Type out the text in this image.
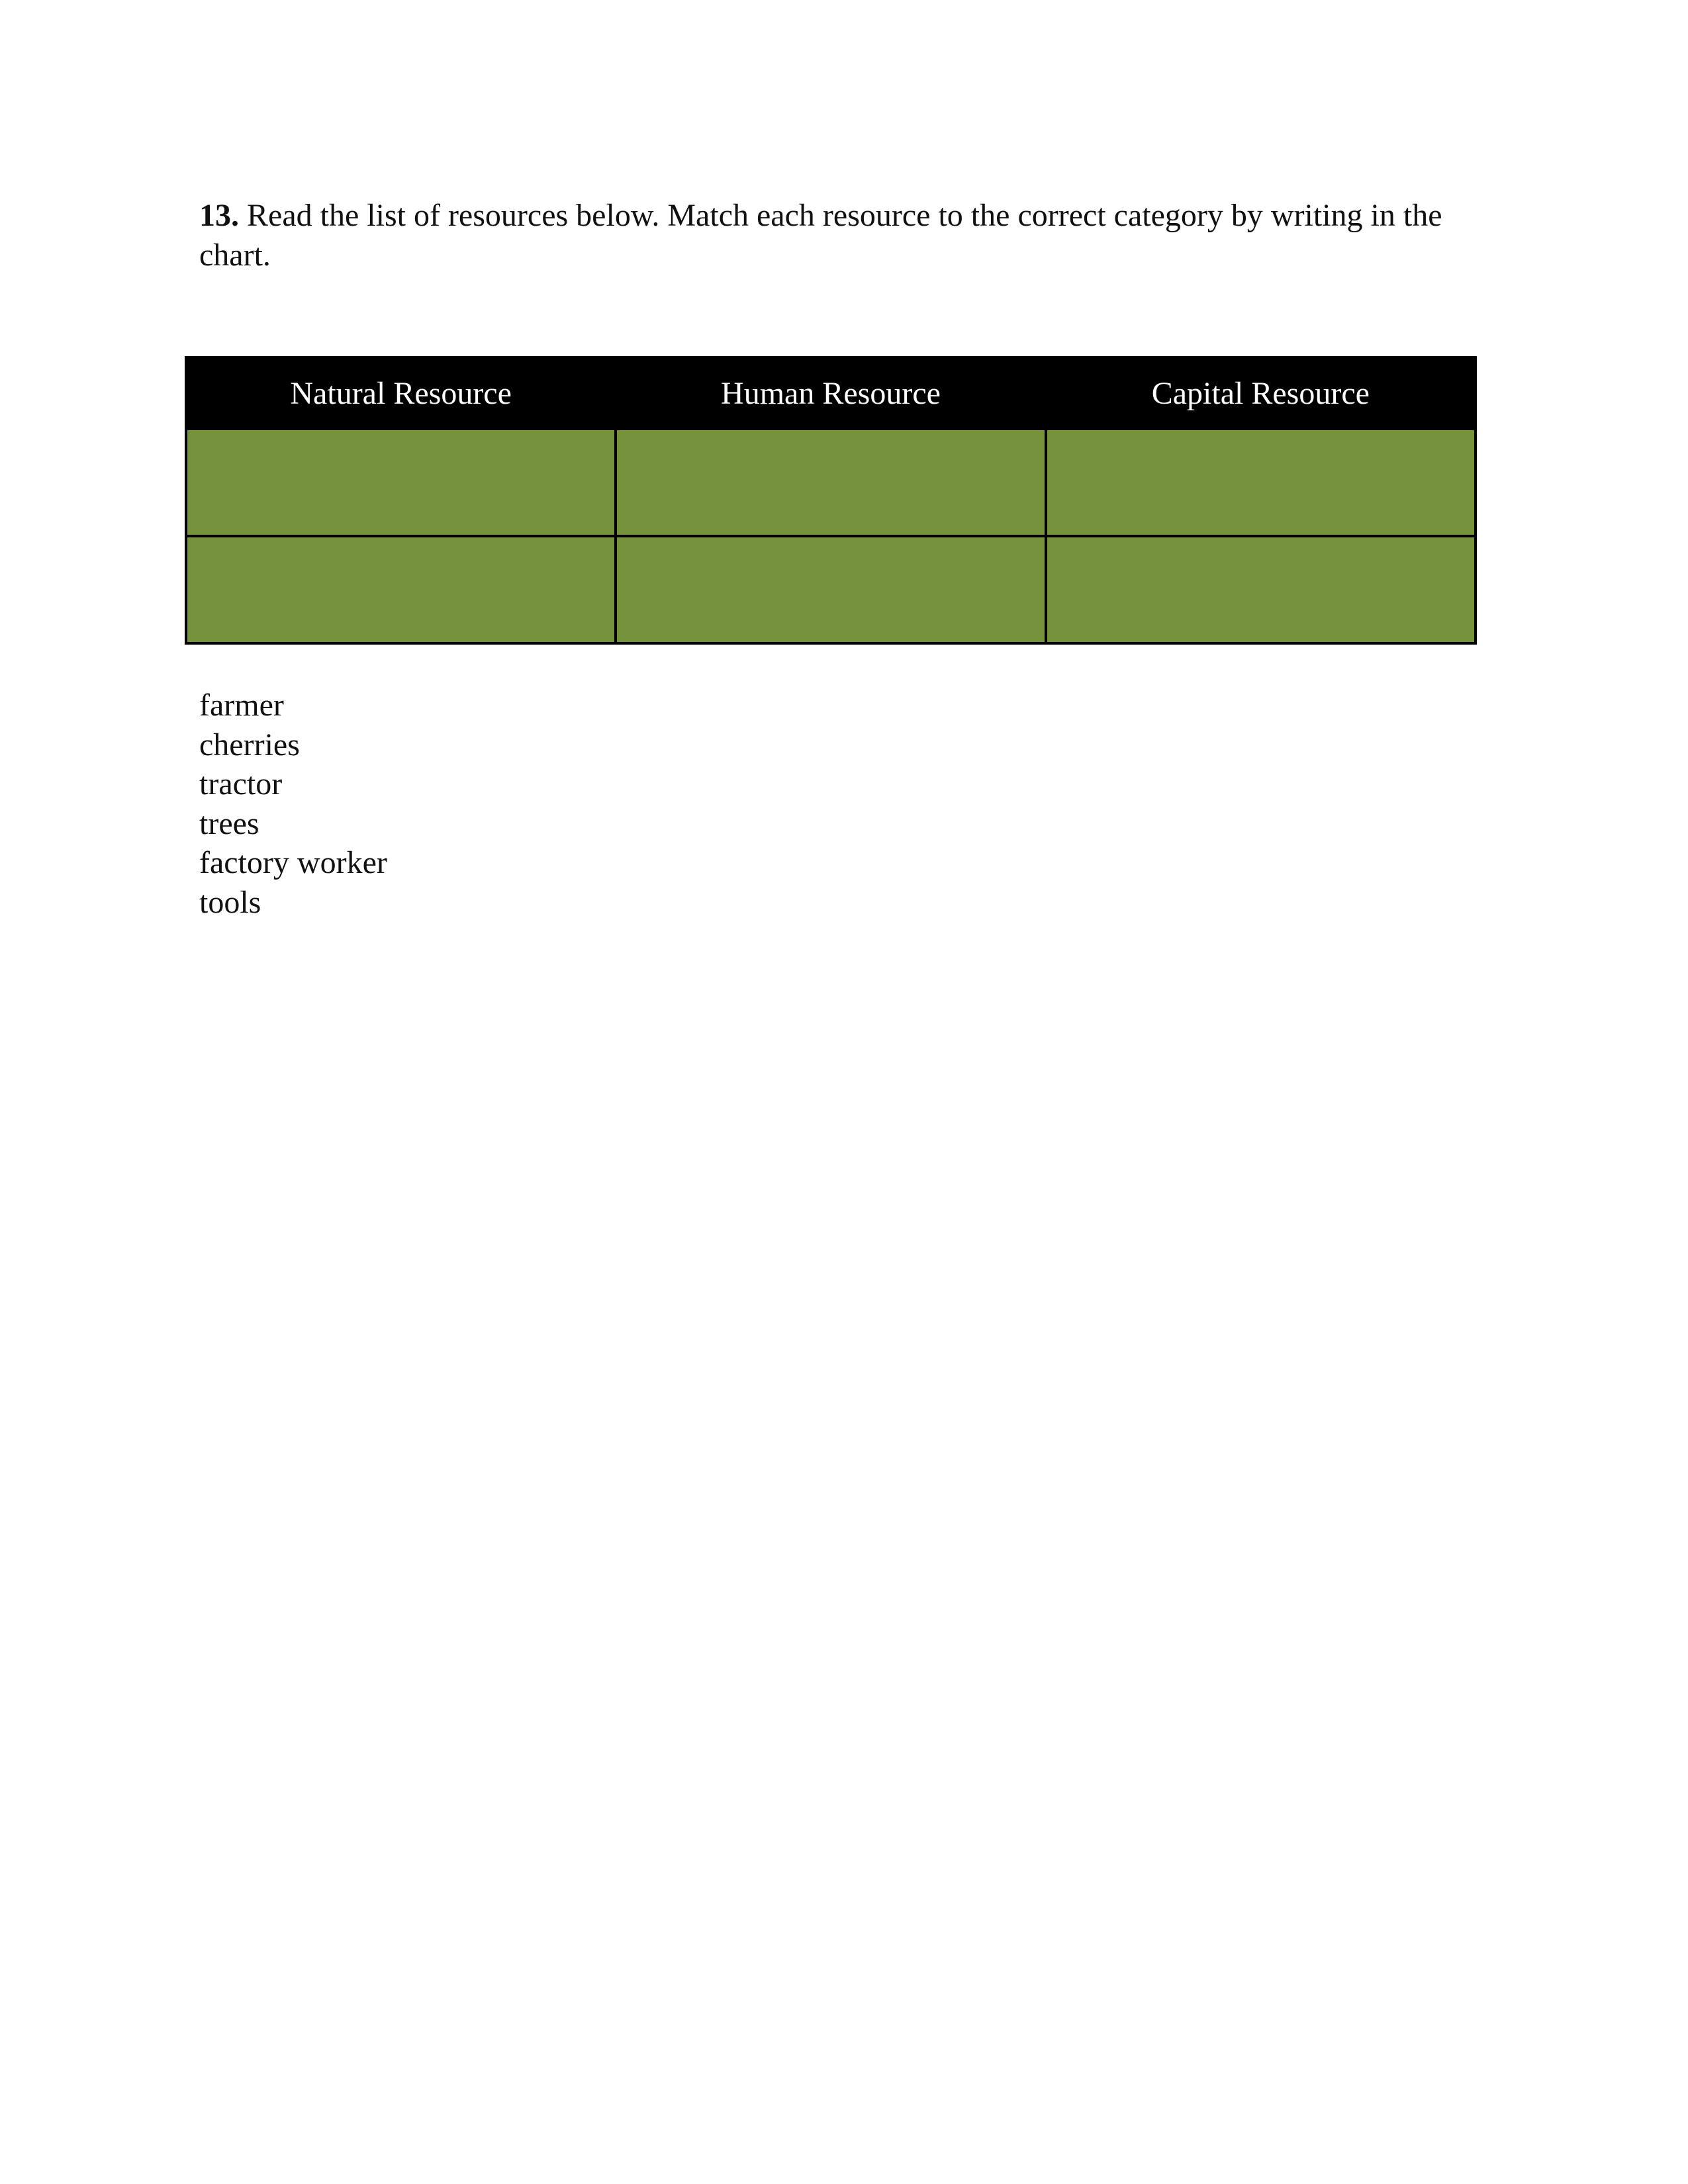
13. Read the list of resources below. Match each resource to the correct category by writing in the chart.

Natural Resource	Human Resource	Capital Resource

farmer
cherries
tractor
trees
factory worker
tools
